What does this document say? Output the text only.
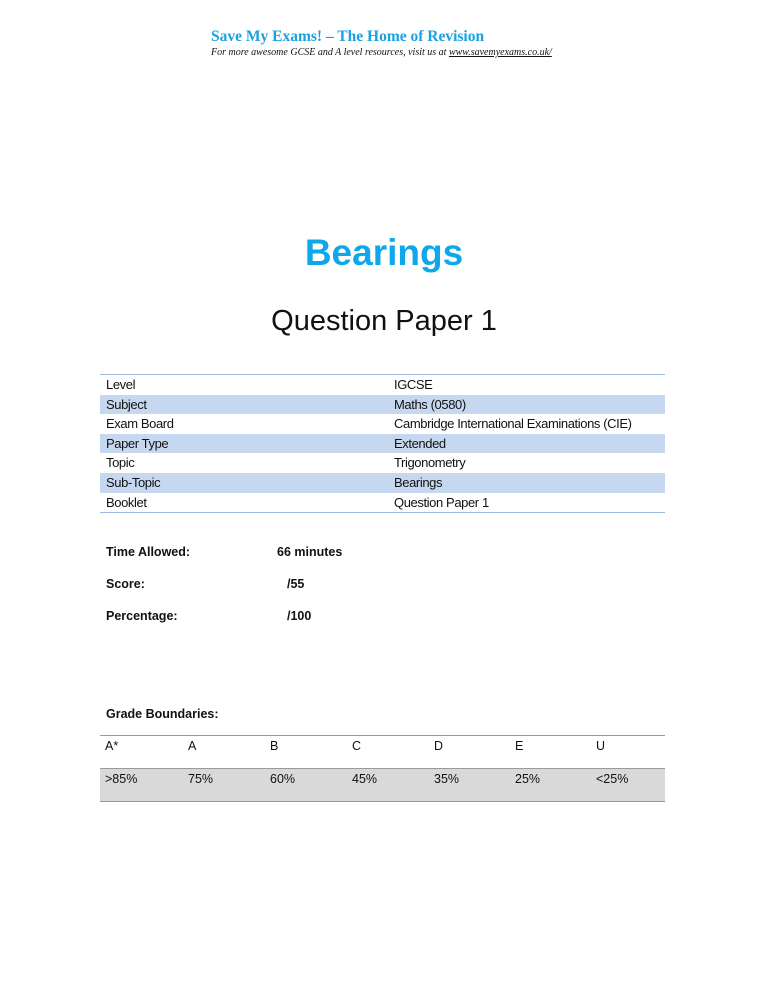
Save My Exams! – The Home of Revision
For more awesome GCSE and A level resources, visit us at www.savemyexams.co.uk/
Bearings
Question Paper 1
Level	IGCSE
Subject	Maths (0580)
Exam Board	Cambridge International Examinations (CIE)
Paper Type	Extended
Topic	Trigonometry
Sub-Topic	Bearings
Booklet	Question Paper 1
Time Allowed:	66 minutes
Score:	/55
Percentage:	/100
Grade Boundaries:
A*	A	B	C	D	E	U
>85%	75%	60%	45%	35%	25%	<25%
